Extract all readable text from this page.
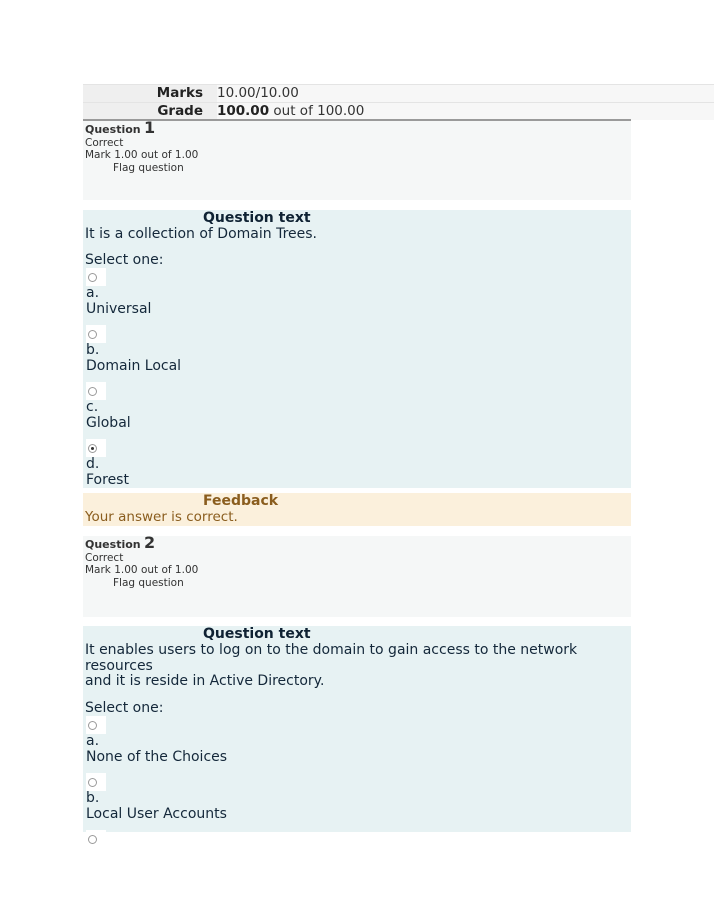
Marks	10.00/10.00
Grade	100.00 out of 100.00
Question 1
Correct
Mark 1.00 out of 1.00
Flag question
Question text
It is a collection of Domain Trees.
Select one:
a.
Universal
b.
Domain Local
c.
Global
d.
Forest
Feedback
Your answer is correct.
Question 2
Correct
Mark 1.00 out of 1.00
Flag question
Question text
It enables users to log on to the domain to gain access to the network resources
and it is reside in Active Directory.
Select one:
a.
None of the Choices
b.
Local User Accounts
